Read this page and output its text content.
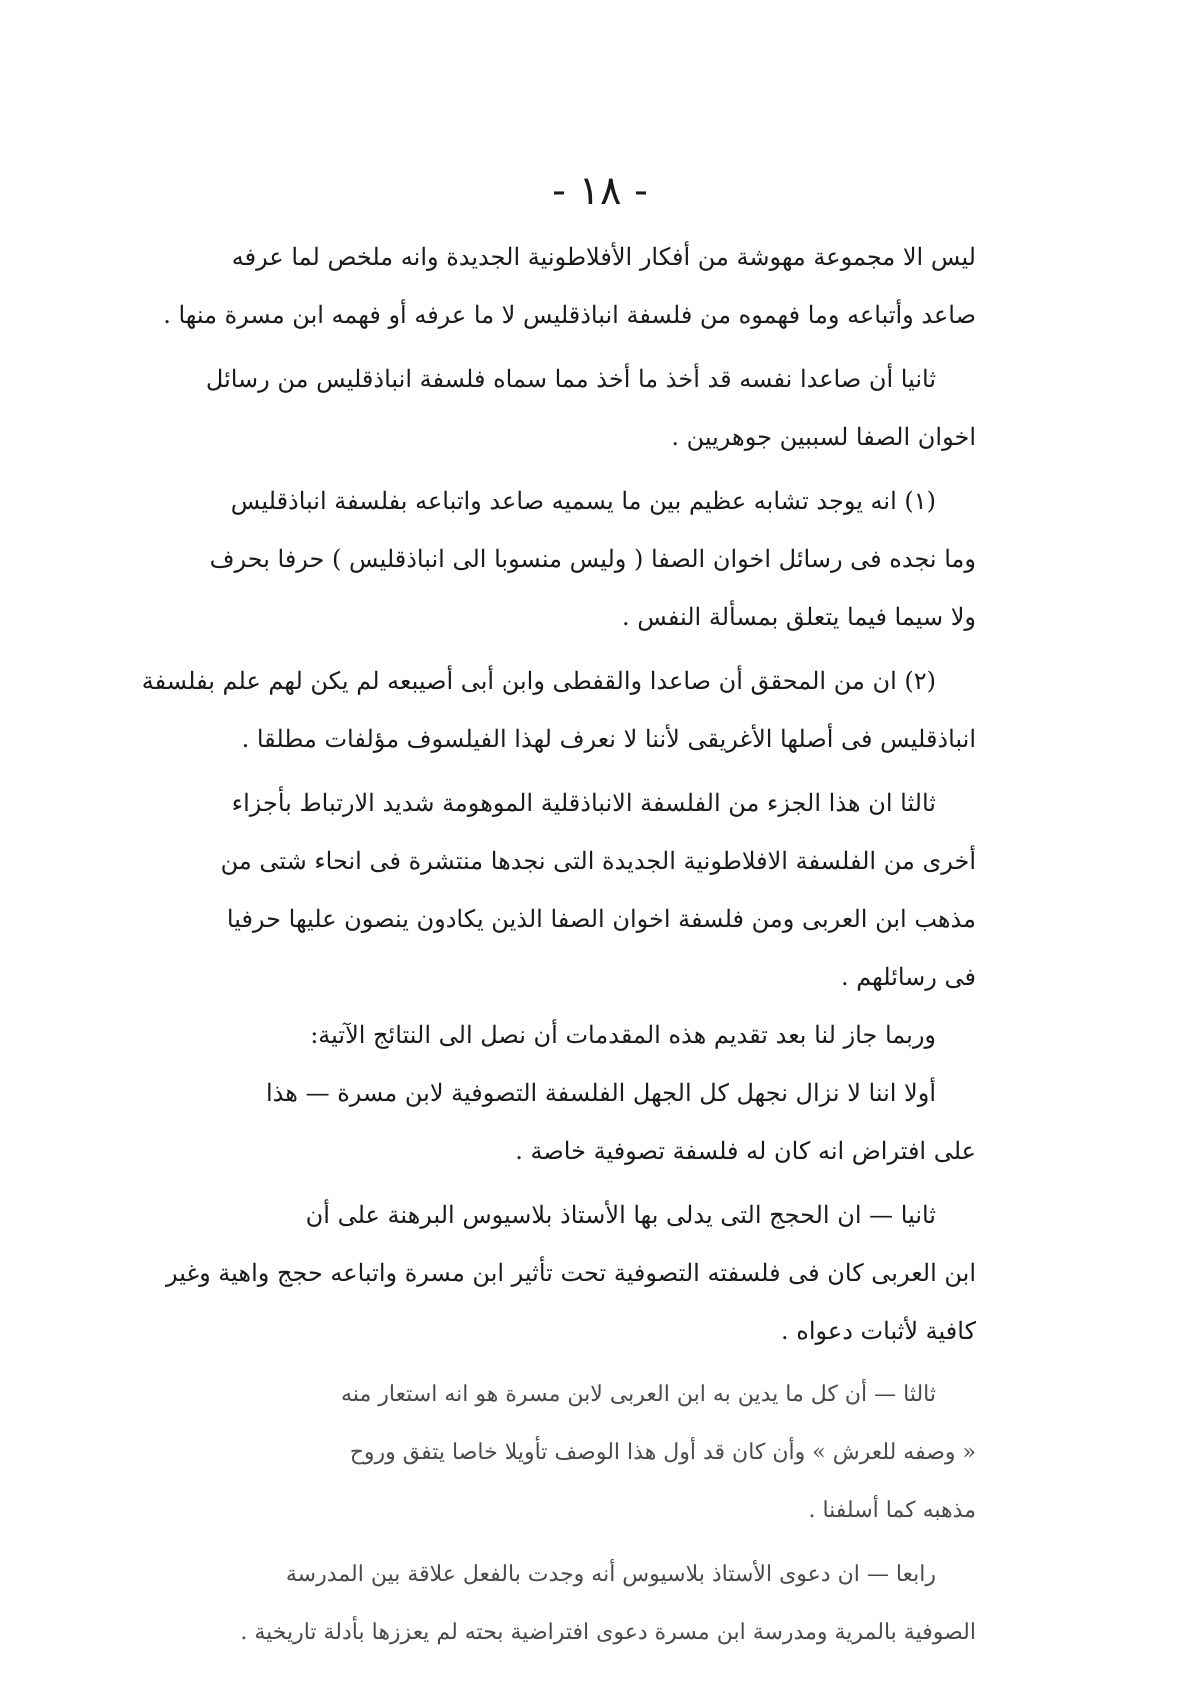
- ١٨ -
ليس الا مجموعة مهوشة من أفكار الأفلاطونية الجديدة وانه ملخص لما عرفه
صاعد وأتباعه وما فهموه من فلسفة انباذقليس لا ما عرفه أو فهمه ابن مسرة منها .
ثانيا أن صاعدا نفسه قد أخذ ما أخذ مما سماه فلسفة انباذقليس من رسائل
اخوان الصفا لسببين جوهريين .
(١) انه يوجد تشابه عظيم بين ما يسميه صاعد واتباعه بفلسفة انباذقليس
وما نجده فى رسائل اخوان الصفا ( وليس منسوبا الى انباذقليس ) حرفا بحرف
ولا سيما فيما يتعلق بمسألة النفس .
(٢) ان من المحقق أن صاعدا والقفطى وابن أبى أصيبعه لم يكن لهم علم بفلسفة
انباذقليس فى أصلها الأغريقى لأننا لا نعرف لهذا الفيلسوف مؤلفات مطلقا .
ثالثا ان هذا الجزء من الفلسفة الانباذقلية الموهومة شديد الارتباط بأجزاء
أخرى من الفلسفة الافلاطونية الجديدة التى نجدها منتشرة فى انحاء شتى من
مذهب ابن العربى ومن فلسفة اخوان الصفا الذين يكادون ينصون عليها حرفيا
فى رسائلهم .
وربما جاز لنا بعد تقديم هذه المقدمات أن نصل الى النتائج الآتية:
أولا اننا لا نزال نجهل كل الجهل الفلسفة التصوفية لابن مسرة — هذا
على افتراض انه كان له فلسفة تصوفية خاصة .
ثانيا — ان الحجج التى يدلى بها الأستاذ بلاسيوس البرهنة على أن
ابن العربى كان فى فلسفته التصوفية تحت تأثير ابن مسرة واتباعه حجج واهية وغير
كافية لأثبات دعواه .
ثالثا — أن كل ما يدين به ابن العربى لابن مسرة هو انه استعار منه
« وصفه للعرش » وأن كان قد أول هذا الوصف تأويلا خاصا يتفق وروح
مذهبه كما أسلفنا .
رابعا — ان دعوى الأستاذ بلاسيوس أنه وجدت بالفعل علاقة بين المدرسة
الصوفية بالمرية ومدرسة ابن مسرة دعوى افتراضية بحته لم يعززها بأدلة تاريخية .
